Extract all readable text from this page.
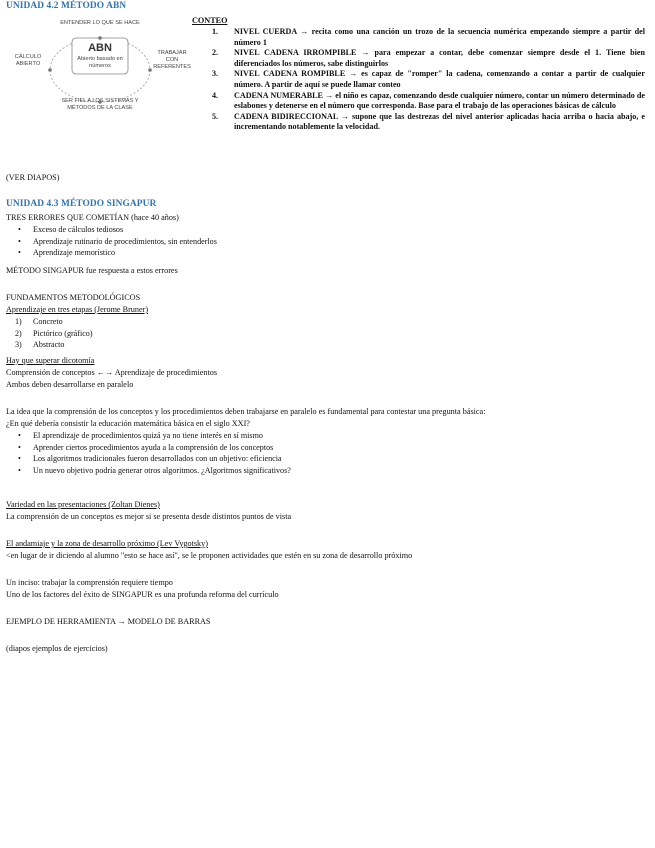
UNIDAD 4.2 MÉTODO ABN

ABN
Abierto basado en números
ENTENDER LO QUE SE HACE
CÁLCULO ABIERTO
TRABAJAR CON REFERENTES
SER FIEL A LOS SISTEMAS Y MÉTODOS DE LA CLASE

CONTEO

1. NIVEL CUERDA → recita como una canción un trozo de la secuencia numérica empezando siempre a partir del número 1
2. NIVEL CADENA IRROMPIBLE → para empezar a contar, debe comenzar siempre desde el 1. Tiene bien diferenciados los números, sabe distinguirlos
3. NIVEL CADENA ROMPIBLE → es capaz de "romper" la cadena, comenzando a contar a partir de cualquier número. A partir de aquí se puede llamar conteo
4. CADENA NUMERABLE → el niño es capaz, comenzando desde cualquier número, contar un número determinado de eslabones y detenerse en el número que corresponda. Base para el trabajo de las operaciones básicas de cálculo
5. CADENA BIDIRECCIONAL → supone que las destrezas del nivel anterior aplicadas hacia arriba o hacia abajo, e incrementando notablemente la velocidad.

(VER DIAPOS)

UNIDAD 4.3 MÉTODO SINGAPUR

TRES ERRORES QUE COMETÍAN (hace 40 años)

• Exceso de cálculos tediosos
• Aprendizaje rutinario de procedimientos, sin entenderlos
• Aprendizaje memorístico

MÉTODO SINGAPUR fue respuesta a estos errores

FUNDAMENTOS METODOLÓGICOS

Aprendizaje en tres etapas (Jerome Bruner)

1) Concreto
2) Pictórico (gráfico)
3) Abstracto

Hay que superar dicotomía

Comprensión de conceptos ←→ Aprendizaje de procedimientos

Ambos deben desarrollarse en paralelo

La idea que la comprensión de los conceptos y los procedimientos deben trabajarse en paralelo es fundamental para contestar una pregunta básica:

¿En qué debería consistir la educación matemática básica en el siglo XXI?

• El aprendizaje de procedimientos quizá ya no tiene interés en sí mismo
• Aprender ciertos procedimientos ayuda a la comprensión de los conceptos
• Los algoritmos tradicionales fueron desarrollados con un objetivo: eficiencia
• Un nuevo objetivo podría generar otros algoritmos. ¿Algoritmos significativos?

Variedad en las presentaciones (Zoltan Dienes)

La comprensión de un conceptos es mejor si se presenta desde distintos puntos de vista

El andamiaje y la zona de desarrollo próximo (Lev Vygotsky)

<en lugar de ir diciendo al alumno "esto se hace así", se le proponen actividades que estén en su zona de desarrollo próximo

Un inciso: trabajar la comprensión requiere tiempo

Uno de los factores del éxito de SINGAPUR es una profunda reforma del currículo

EJEMPLO DE HERRAMIENTA → MODELO DE BARRAS

(diapos ejemplos de ejercicios)
